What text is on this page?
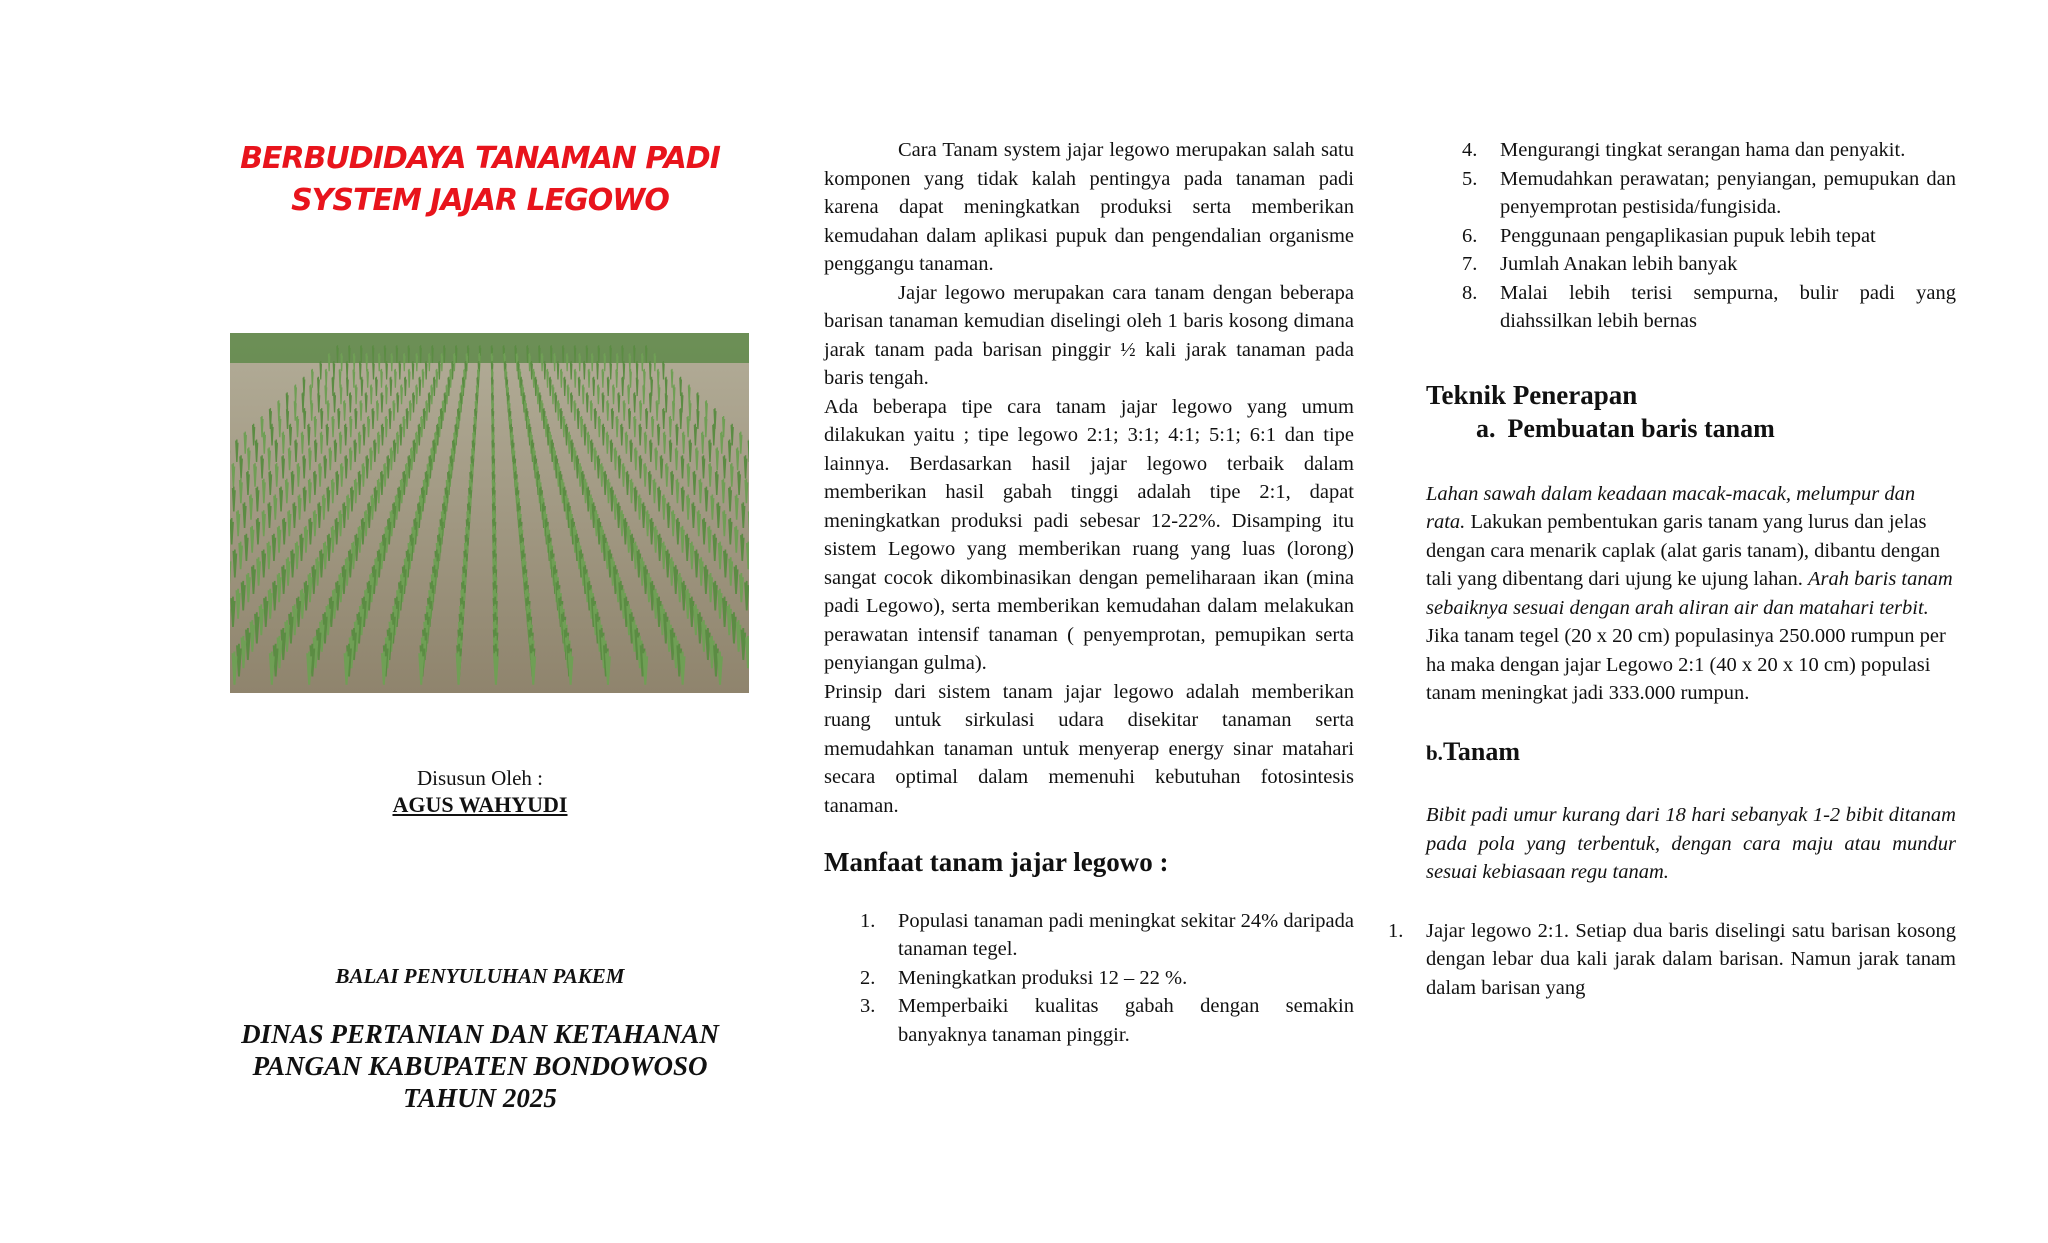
BERBUDIDAYA TANAMAN PADI
SYSTEM JAJAR LEGOWO
Disusun Oleh :
AGUS WAHYUDI
BALAI PENYULUHAN PAKEM
DINAS PERTANIAN DAN KETAHANAN
PANGAN KABUPATEN BONDOWOSO
TAHUN 2025

Cara Tanam system jajar legowo merupakan salah satu komponen yang tidak kalah pentingya pada tanaman padi karena dapat meningkatkan produksi serta memberikan kemudahan dalam aplikasi pupuk dan pengendalian organisme penggangu tanaman.

Jajar legowo merupakan cara tanam dengan beberapa barisan tanaman kemudian diselingi oleh 1 baris kosong dimana jarak tanam pada barisan pinggir ½ kali jarak tanaman pada baris tengah.

Ada beberapa tipe cara tanam jajar legowo yang umum dilakukan yaitu ; tipe legowo 2:1; 3:1; 4:1; 5:1; 6:1 dan tipe lainnya. Berdasarkan hasil jajar legowo terbaik dalam memberikan hasil gabah tinggi adalah tipe 2:1, dapat meningkatkan produksi padi sebesar 12-22%. Disamping itu sistem Legowo yang memberikan ruang yang luas (lorong) sangat cocok dikombinasikan dengan pemeliharaan ikan (mina padi Legowo), serta memberikan kemudahan dalam melakukan perawatan intensif tanaman ( penyemprotan, pemupikan serta penyiangan gulma).

Prinsip dari sistem tanam jajar legowo adalah memberikan ruang untuk sirkulasi udara disekitar tanaman serta memudahkan tanaman untuk menyerap energy sinar matahari secara optimal dalam memenuhi kebutuhan fotosintesis tanaman.

Manfaat tanam jajar legowo :

1. Populasi tanaman padi meningkat sekitar 24% daripada tanaman tegel.
2. Meningkatkan produksi 12 – 22 %.
3. Memperbaiki kualitas gabah dengan semakin banyaknya tanaman pinggir.
4. Mengurangi tingkat serangan hama dan penyakit.
5. Memudahkan perawatan; penyiangan, pemupukan dan penyemprotan pestisida/fungisida.
6. Penggunaan pengaplikasian pupuk lebih tepat
7. Jumlah Anakan lebih banyak
8. Malai lebih terisi sempurna, bulir padi yang diahssilkan lebih bernas

Teknik Penerapan

a. Pembuatan baris tanam

Lahan sawah dalam keadaan macak-macak, melumpur dan rata. Lakukan pembentukan garis tanam yang lurus dan jelas dengan cara menarik caplak (alat garis tanam), dibantu dengan tali yang dibentang dari ujung ke ujung lahan. Arah baris tanam sebaiknya sesuai dengan arah aliran air dan matahari terbit. Jika tanam tegel (20 x 20 cm) populasinya 250.000 rumpun per ha maka dengan jajar Legowo 2:1 (40 x 20 x 10 cm) populasi tanam meningkat jadi 333.000 rumpun.

b.Tanam

Bibit padi umur kurang dari 18 hari sebanyak 1-2 bibit ditanam pada pola yang terbentuk, dengan cara maju atau mundur sesuai kebiasaan regu tanam.

1. Jajar legowo 2:1. Setiap dua baris diselingi satu barisan kosong dengan lebar dua kali jarak dalam barisan. Namun jarak tanam dalam barisan yang
